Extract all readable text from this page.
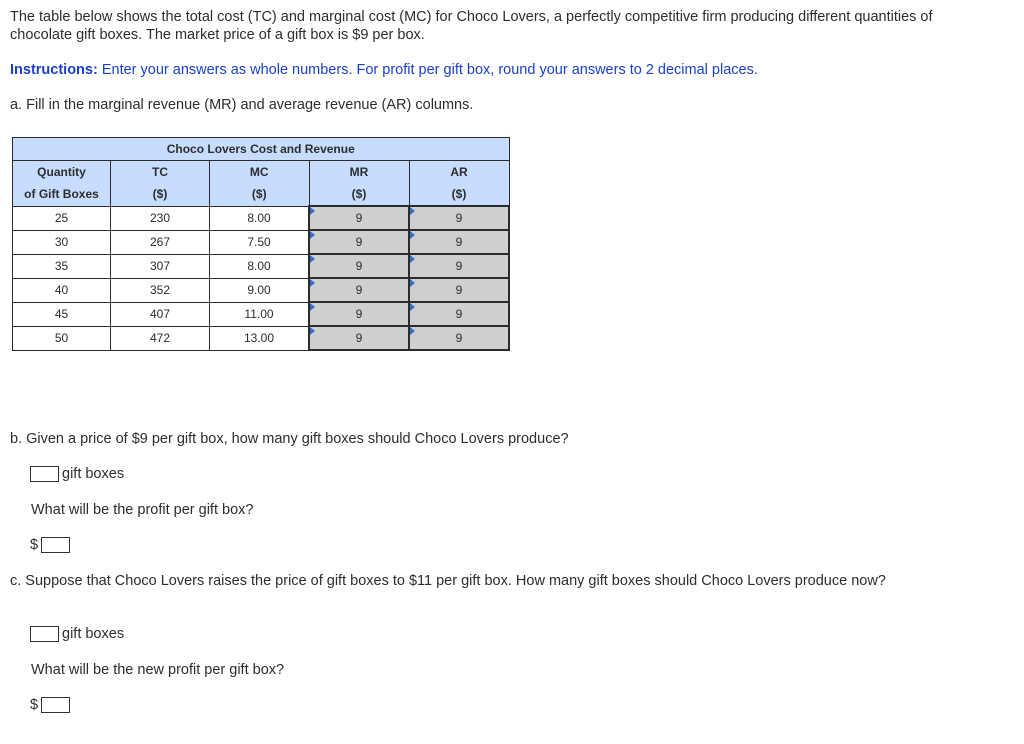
The table below shows the total cost (TC) and marginal cost (MC) for Choco Lovers, a perfectly competitive firm producing different quantities of chocolate gift boxes. The market price of a gift box is $9 per box.

Instructions: Enter your answers as whole numbers. For profit per gift box, round your answers to 2 decimal places.

a. Fill in the marginal revenue (MR) and average revenue (AR) columns.

Choco Lovers Cost and Revenue				
Quantity	TC	MC	MR	AR
of Gift Boxes	($)	($)	($)	($)
25	230	8.00	9	9
30	267	7.50	9	9
35	307	8.00	9	9
40	352	9.00	9	9
45	407	11.00	9	9
50	472	13.00	9	9

b. Given a price of $9 per gift box, how many gift boxes should Choco Lovers produce?

gift boxes
What will be the profit per gift box?
$

c. Suppose that Choco Lovers raises the price of gift boxes to $11 per gift box. How many gift boxes should Choco Lovers produce now?

gift boxes
What will be the new profit per gift box?
$
